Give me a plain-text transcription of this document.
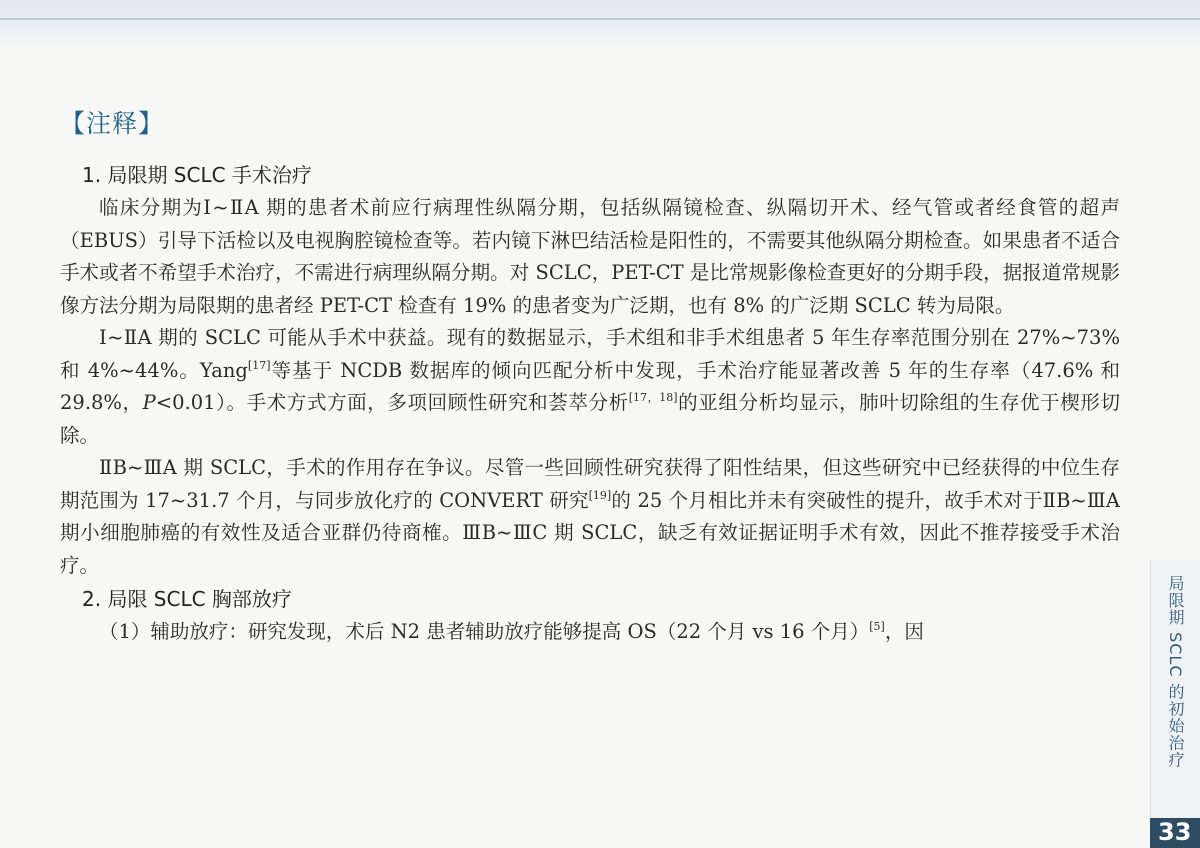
【注释】
1. 局限期 SCLC 手术治疗

临床分期为Ⅰ~ⅡA 期的患者术前应行病理性纵隔分期，包括纵隔镜检查、纵隔切开术、经气管或者经食管的超声（EBUS）引导下活检以及电视胸腔镜检查等。若内镜下淋巴结活检是阳性的，不需要其他纵隔分期检查。如果患者不适合手术或者不希望手术治疗，不需进行病理纵隔分期。对 SCLC，PET-CT 是比常规影像检查更好的分期手段，据报道常规影像方法分期为局限期的患者经 PET-CT 检查有 19% 的患者变为广泛期，也有 8% 的广泛期 SCLC 转为局限。

Ⅰ~ⅡA 期的 SCLC 可能从手术中获益。现有的数据显示，手术组和非手术组患者 5 年生存率范围分别在 27%~73% 和 4%~44%。Yang[17]等基于 NCDB 数据库的倾向匹配分析中发现，手术治疗能显著改善 5 年的生存率（47.6% 和 29.8%，P<0.01）。手术方式方面，多项回顾性研究和荟萃分析[17，18]的亚组分析均显示，肺叶切除组的生存优于楔形切除。

ⅡB~ⅢA 期 SCLC，手术的作用存在争议。尽管一些回顾性研究获得了阳性结果，但这些研究中已经获得的中位生存期范围为 17~31.7 个月，与同步放化疗的 CONVERT 研究[19]的 25 个月相比并未有突破性的提升，故手术对于ⅡB~ⅢA 期小细胞肺癌的有效性及适合亚群仍待商榷。ⅢB~ⅢC 期 SCLC，缺乏有效证据证明手术有效，因此不推荐接受手术治疗。

2. 局限 SCLC 胸部放疗

（1）辅助放疗：研究发现，术后 N2 患者辅助放疗能够提高 OS（22 个月 vs 16 个月）[5]，因	局限期 SCLC 的初始治疗
33
